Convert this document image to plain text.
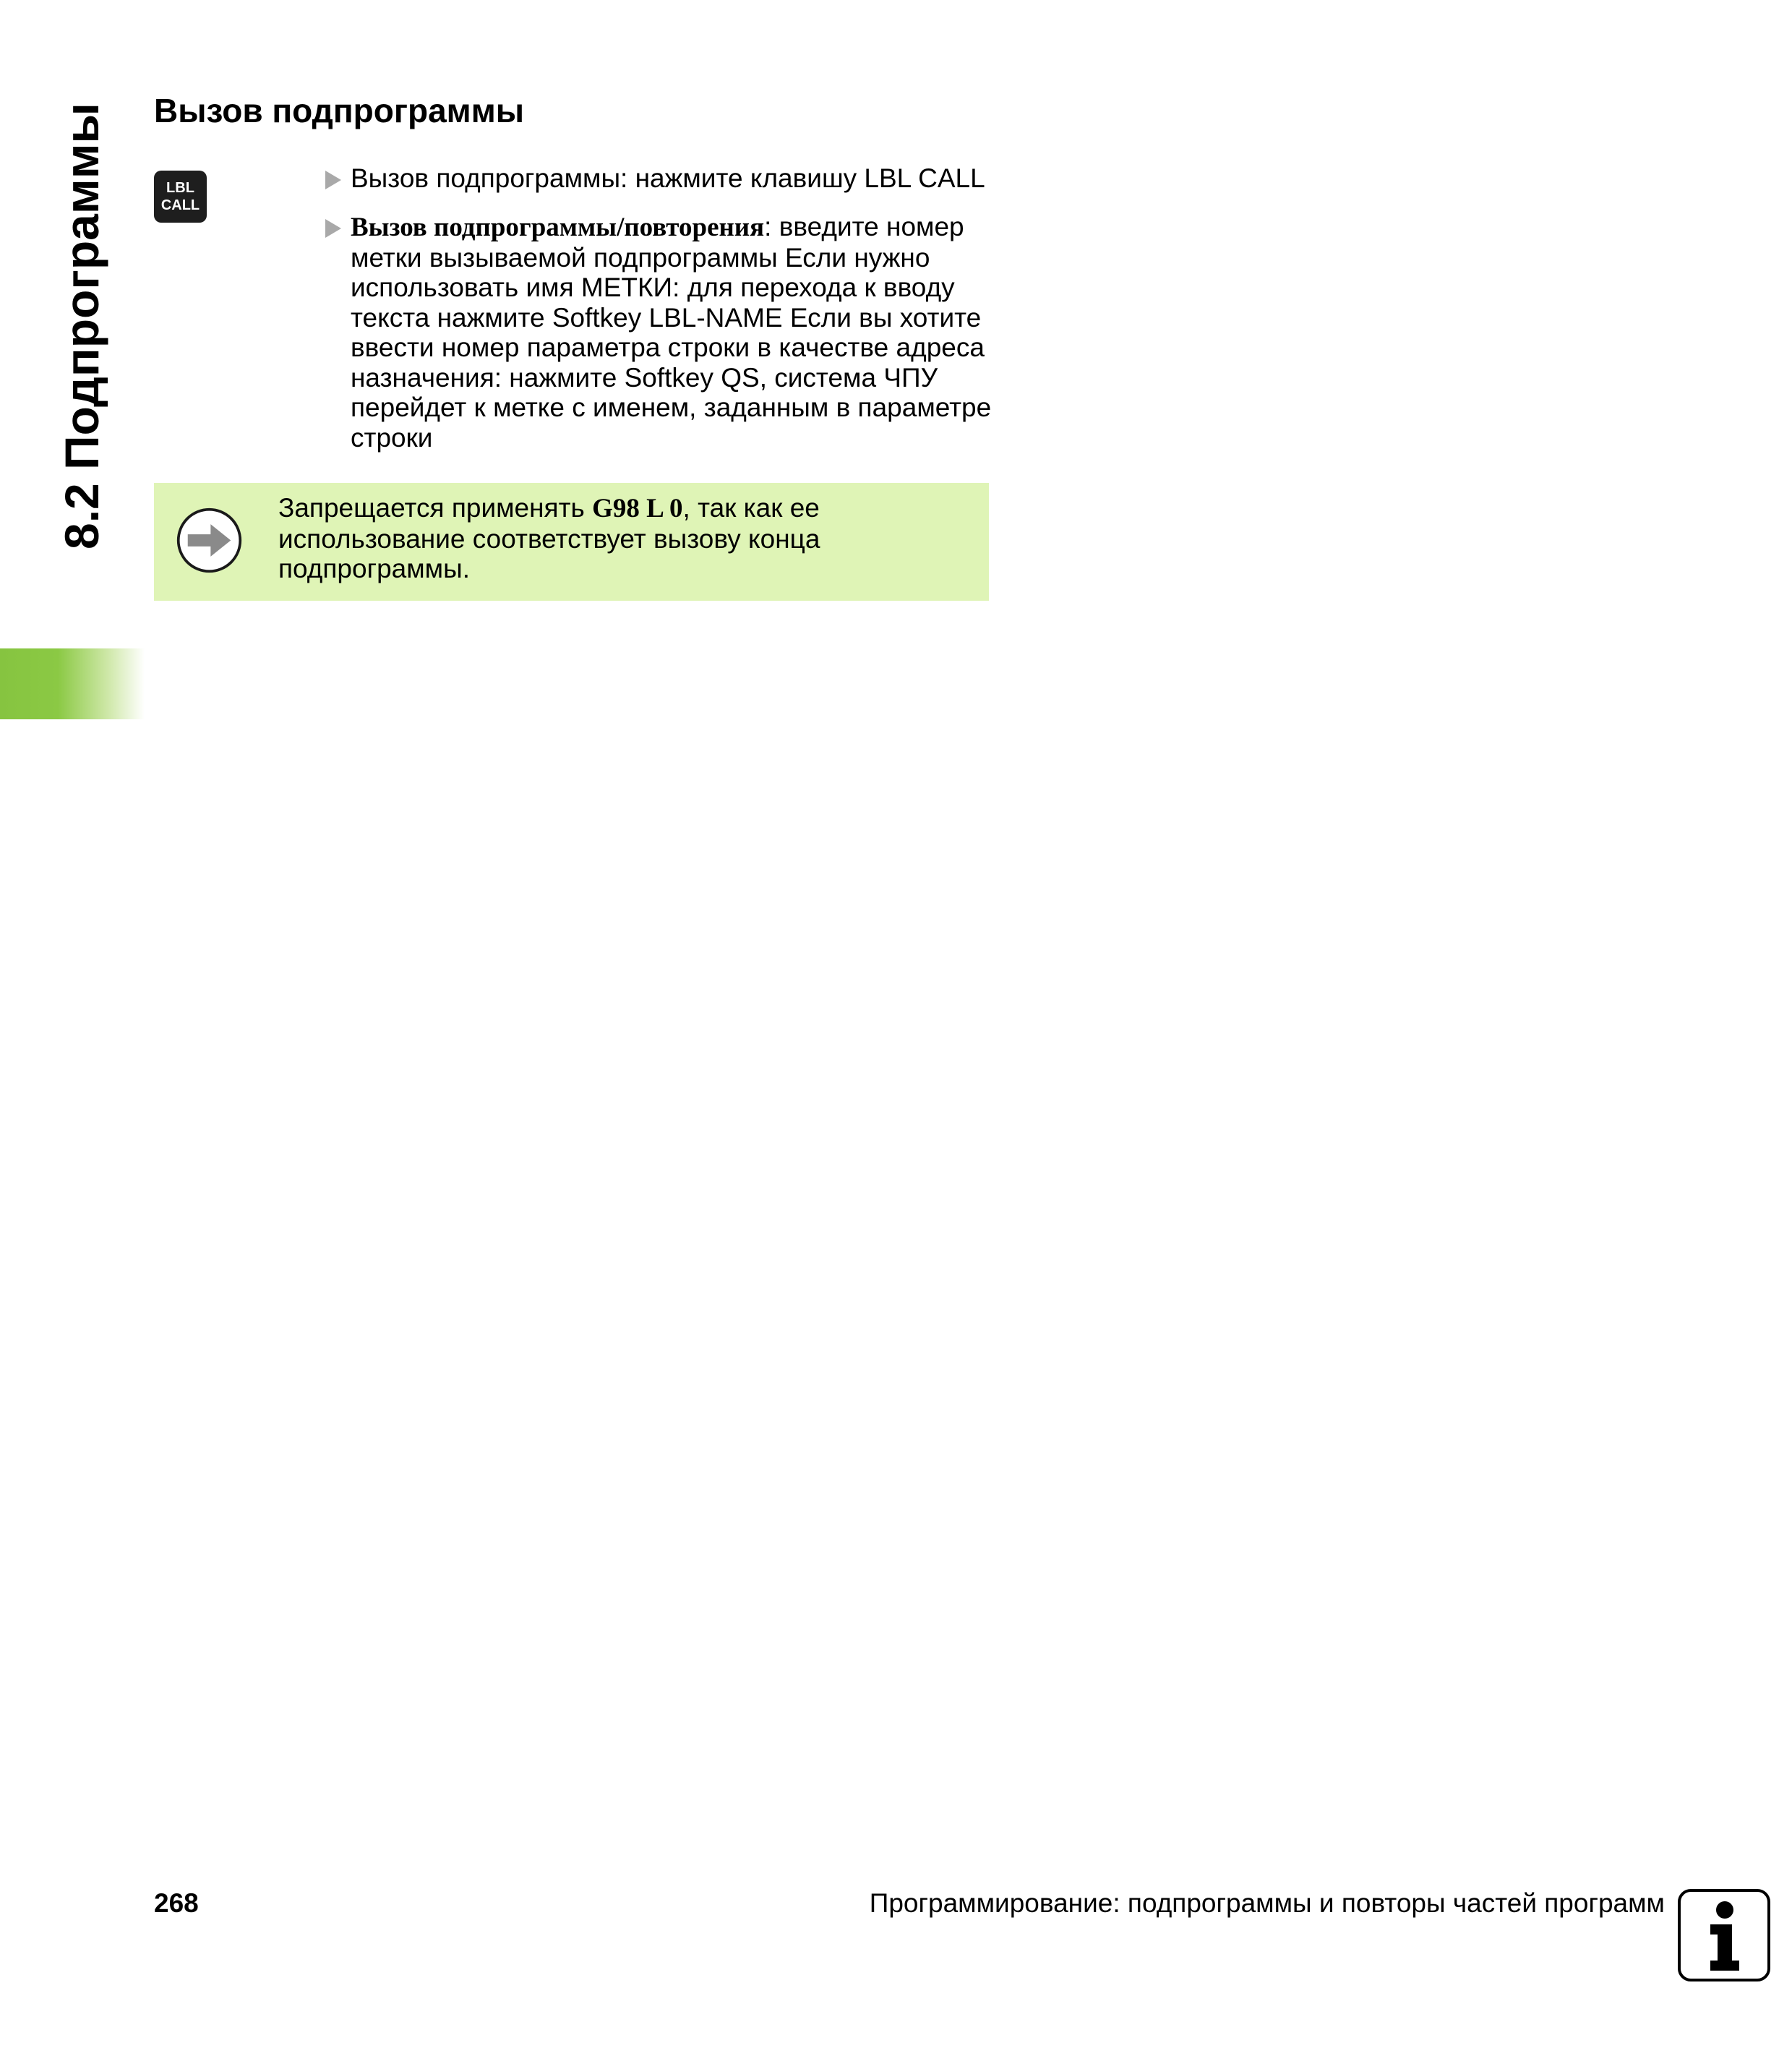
8.2 Подпрограммы Вызов подпрограммы
LBL
CALL
Вызов подпрограммы: нажмите клавишу LBL CALL
Вызов подпрограммы/повторения: введите номер метки вызываемой подпрограммы Если нужно использовать имя МЕТКИ: для перехода к вводу текста нажмите Softkey LBL-NAME Если вы хотите ввести номер параметра строки в качестве адреса назначения: нажмите Softkey QS, система ЧПУ перейдет к метке с именем, заданным в параметре строки
Запрещается применять G98 L 0, так как ее использование соответствует вызову конца подпрограммы.
268	Программирование: подпрограммы и повторы частей программ
